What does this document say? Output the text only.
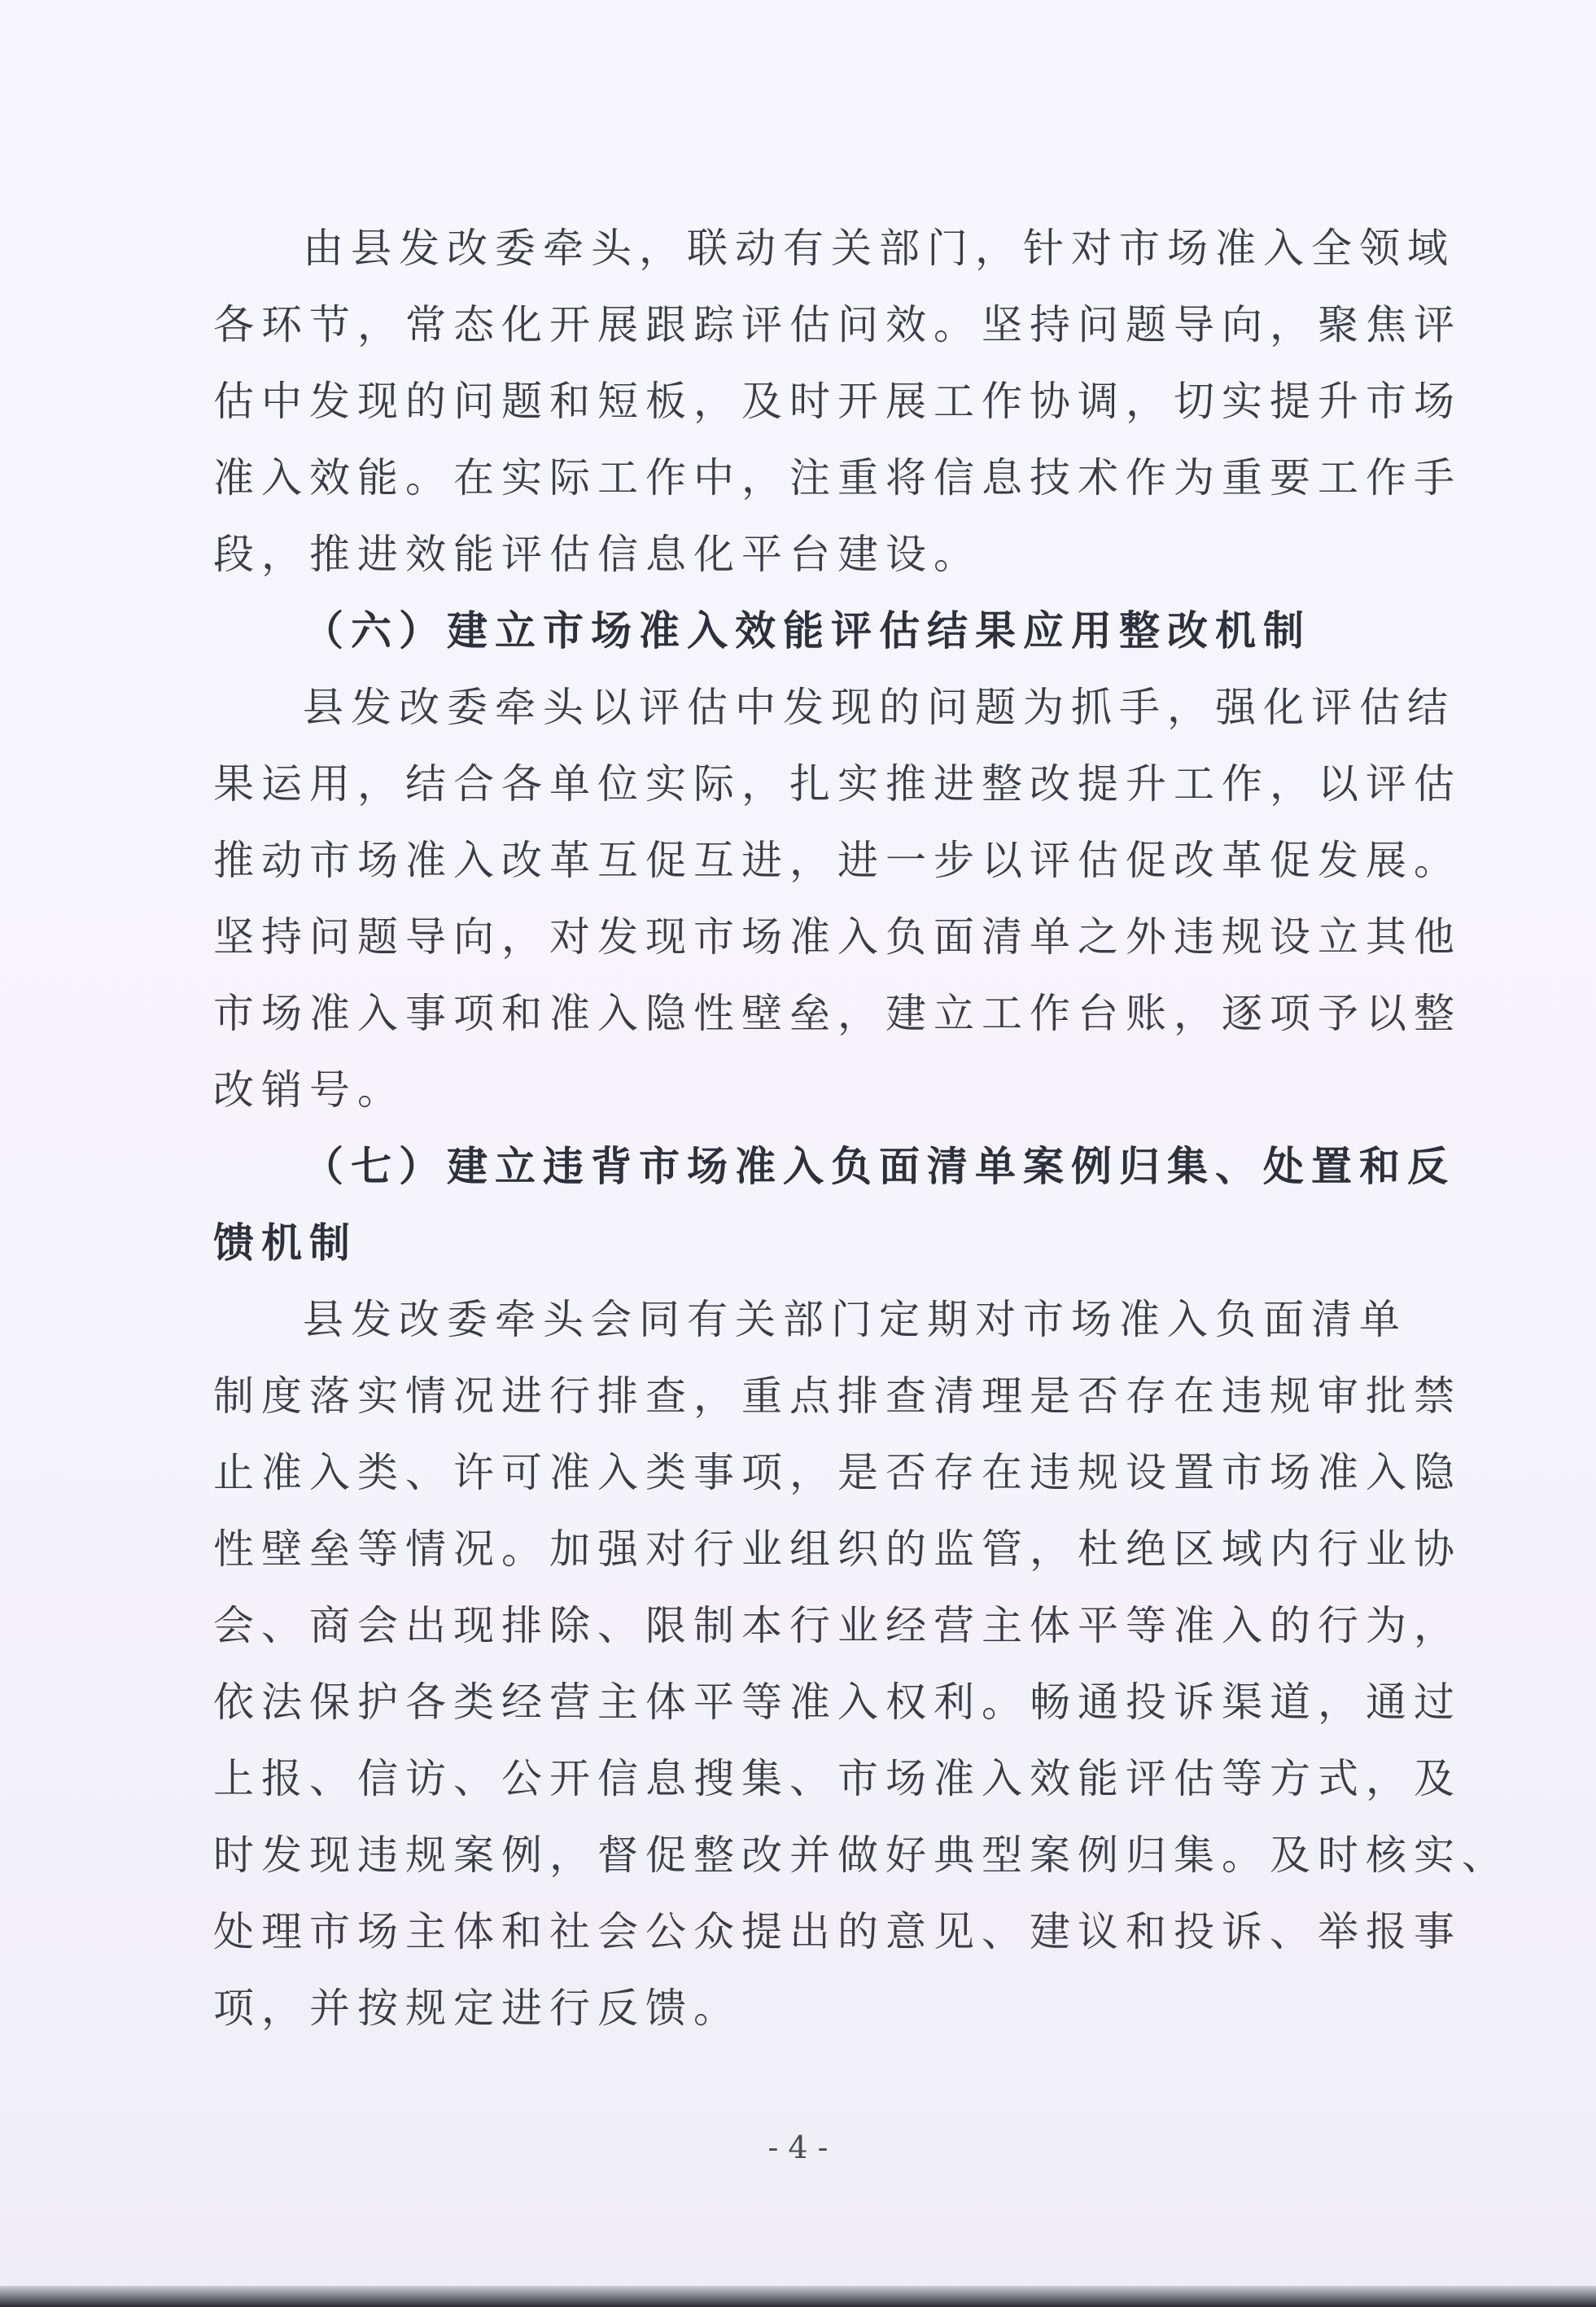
由县发改委牵头，联动有关部门，针对市场准入全领域
各环节，常态化开展跟踪评估问效。坚持问题导向，聚焦评
估中发现的问题和短板，及时开展工作协调，切实提升市场
准入效能。在实际工作中，注重将信息技术作为重要工作手
段，推进效能评估信息化平台建设。
（六）建立市场准入效能评估结果应用整改机制
县发改委牵头以评估中发现的问题为抓手，强化评估结
果运用，结合各单位实际，扎实推进整改提升工作，以评估
推动市场准入改革互促互进，进一步以评估促改革促发展。
坚持问题导向，对发现市场准入负面清单之外违规设立其他
市场准入事项和准入隐性壁垒，建立工作台账，逐项予以整
改销号。
（七）建立违背市场准入负面清单案例归集、处置和反
馈机制
县发改委牵头会同有关部门定期对市场准入负面清单
制度落实情况进行排查，重点排查清理是否存在违规审批禁
止准入类、许可准入类事项，是否存在违规设置市场准入隐
性壁垒等情况。加强对行业组织的监管，杜绝区域内行业协
会、商会出现排除、限制本行业经营主体平等准入的行为，
依法保护各类经营主体平等准入权利。畅通投诉渠道，通过
上报、信访、公开信息搜集、市场准入效能评估等方式，及
时发现违规案例，督促整改并做好典型案例归集。及时核实、
处理市场主体和社会公众提出的意见、建议和投诉、举报事
项，并按规定进行反馈。
- 4 -
